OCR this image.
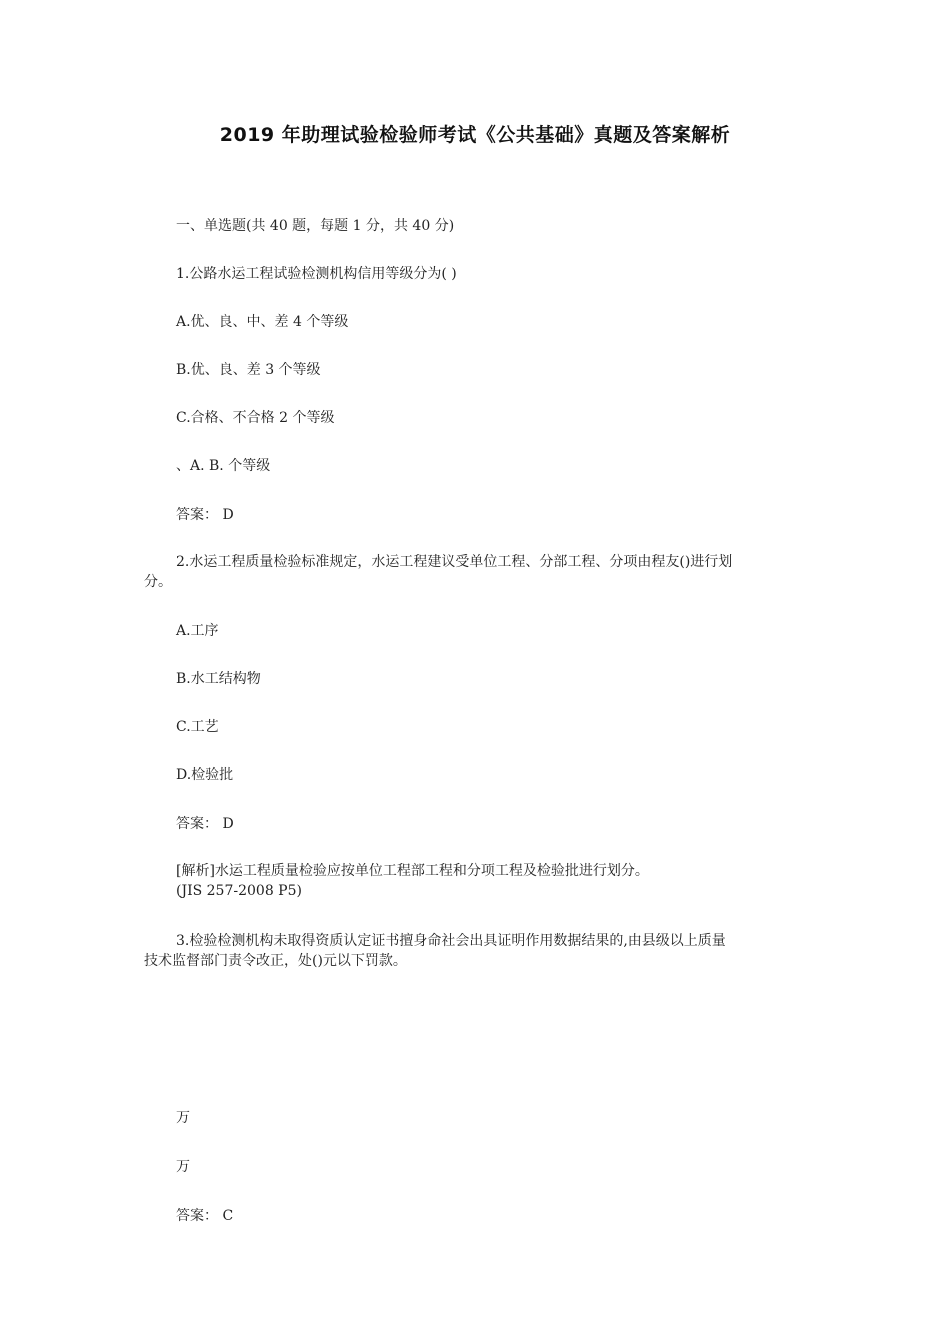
2019 年助理试验检验师考试《公共基础》真题及答案解析
一、单选题(共 40 题，每题 1 分，共 40 分)
1.公路水运工程试验检测机构信用等级分为( )
A.优、良、中、差 4 个等级
B.优、良、差 3 个等级
C.合格、不合格 2 个等级
、A. B. 个等级
答案： D
2.水运工程质量检验标准规定，水运工程建议受单位工程、分部工程、分项由程友()进行划
分。
A.工序
B.水工结构物
C.工艺
D.检验批
答案： D
[解析]水运工程质量检验应按单位工程部工程和分项工程及检验批进行划分。
(JIS 257-2008 P5)
3.检验检测机构未取得资质认定证书擅身命社会出具证明作用数据结果的,由县级以上质量
技术监督部门责令改正，处()元以下罚款。
万
万
答案： C
